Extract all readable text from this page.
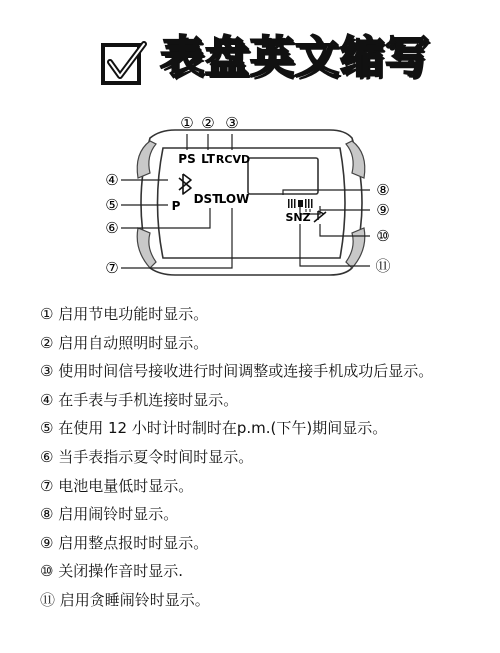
表盘英文缩写
① ② ③
④
⑤
⑥
⑦
⑧
⑨
⑩
⑪
PS LT RCVD
P DST
LOW
SNZ
① 启用节电功能时显示。
② 启用自动照明时显示。
③ 使用时间信号接收进行时间调整或连接手机成功后显示。
④ 在手表与手机连接时显示。
⑤ 在使用 12 小时计时制时在p.m.(下午)期间显示。
⑥ 当手表指示夏令时间时显示。
⑦ 电池电量低时显示。
⑧ 启用闹铃时显示。
⑨ 启用整点报时时显示。
⑩ 关闭操作音时显示.
⑪ 启用贪睡闹铃时显示。
